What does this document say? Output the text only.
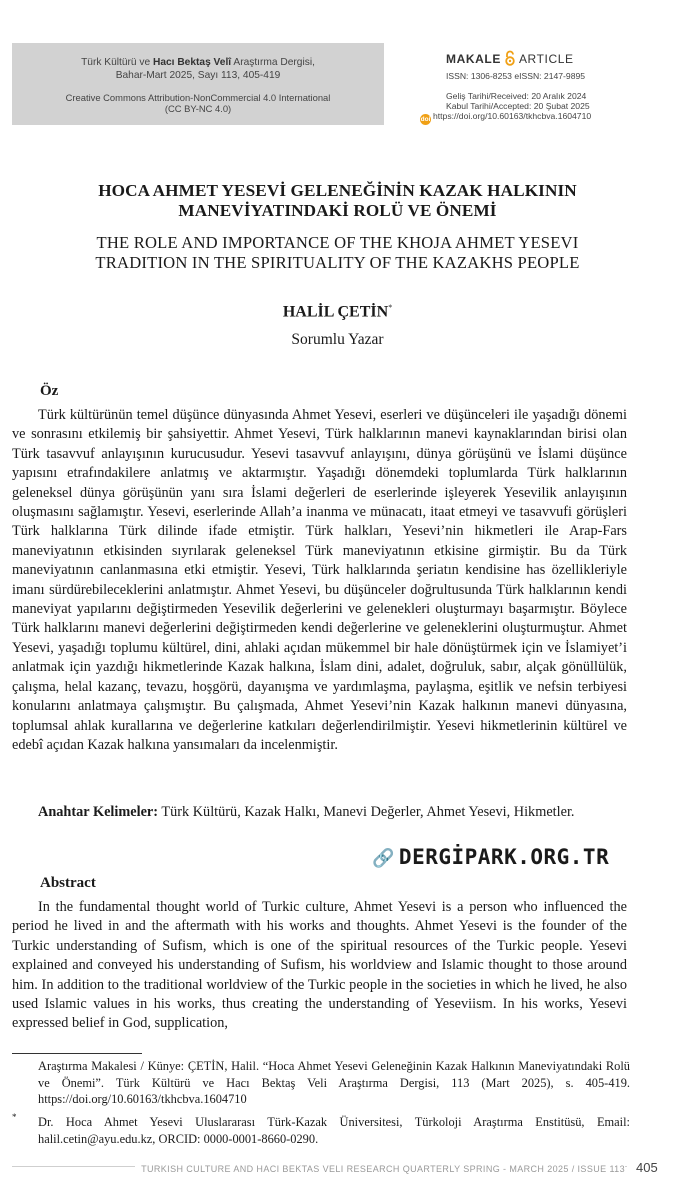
Türk Kültürü ve Hacı Bektaş Velî Araştırma Dergisi,
Bahar-Mart 2025, Sayı 113, 405-419
Creative Commons Attribution-NonCommercial 4.0 International
(CC BY-NC 4.0)
MAKALE ARTICLE
ISSN: 1306-8253 eISSN: 2147-9895
Geliş Tarihi/Received: 20 Aralık 2024
Kabul Tarihi/Accepted: 20 Şubat 2025
doi https://doi.org/10.60163/tkhcbva.1604710
HOCA AHMET YESEVİ GELENEĞİNİN KAZAK HALKININ
MANEVİYATINDAKİ ROLÜ VE ÖNEMİ
THE ROLE AND IMPORTANCE OF THE KHOJA AHMET YESEVI
TRADITION IN THE SPIRITUALITY OF THE KAZAKHS PEOPLE
HALİL ÇETİN*
Sorumlu Yazar
Öz
Türk kültürünün temel düşünce dünyasında Ahmet Yesevi, eserleri ve düşünceleri ile yaşadığı dönemi ve sonrasını etkilemiş bir şahsiyettir. Ahmet Yesevi, Türk halklarının manevi kaynaklarından birisi olan Türk tasavvuf anlayışının kurucusudur. Yesevi tasavvuf anlayışını, dünya görüşünü ve İslami düşünce yapısını etrafındakilere anlatmış ve aktarmıştır. Yaşadığı dönemdeki toplumlarda Türk halklarının geleneksel dünya görüşünün yanı sıra İslami değerleri de eserlerinde işleyerek Yesevilik anlayışının oluşmasını sağlamıştır. Yesevi, eserlerinde Allah’a inanma ve münacatı, itaat etmeyi ve tasavvufi görüşleri Türk halklarına Türk dilinde ifade etmiştir. Türk halkları, Yesevi’nin hikmetleri ile Arap-Fars maneviyatının etkisinden sıyrılarak geleneksel Türk maneviyatının etkisine girmiştir. Bu da Türk maneviyatının canlanmasına etki etmiştir. Yesevi, Türk halklarında şeriatın kendisine has özellikleriyle imanı sürdürebileceklerini anlatmıştır. Ahmet Yesevi, bu düşünceler doğrultusunda Türk halklarının kendi maneviyat yapılarını değiştirmeden Yesevilik değerlerini ve gelenekleri oluşturmayı başarmıştır. Böylece Türk halklarını manevi değerlerini değiştirmeden kendi değerlerine ve geleneklerini oluşturmuştur. Ahmet Yesevi, yaşadığı toplumu kültürel, dini, ahlaki açıdan mükemmel bir hale dönüştürmek için ve İslamiyet’i anlatmak için yazdığı hikmetlerinde Kazak halkına, İslam dini, adalet, doğruluk, sabır, alçak gönüllülük, çalışma, helal kazanç, tevazu, hoşgörü, dayanışma ve yardımlaşma, paylaşma, eşitlik ve nefsin terbiyesi konularını anlatmaya çalışmıştır. Bu çalışmada, Ahmet Yesevi’nin Kazak halkının manevi dünyasına, toplumsal ahlak kurallarına ve değerlerine katkıları değerlendirilmiştir. Yesevi hikmetlerinin kültürel ve edebî açıdan Kazak halkına yansımaları da incelenmiştir.
Anahtar Kelimeler: Türk Kültürü, Kazak Halkı, Manevi Değerler, Ahmet Yesevi, Hikmetler.
🔗 DERGİPARK.ORG.TR
Abstract
In the fundamental thought world of Turkic culture, Ahmet Yesevi is a person who influenced the period he lived in and the aftermath with his works and thoughts. Ahmet Yesevi is the founder of the Turkic understanding of Sufism, which is one of the spiritual resources of the Turkic people. Yesevi explained and conveyed his understanding of Sufism, his worldview and Islamic thought to those around him. In addition to the traditional worldview of the Turkic people in the societies in which he lived, he also used Islamic values in his works, thus creating the understanding of Yeseviism. In his works, Yesevi expressed belief in God, supplication,
Araştırma Makalesi / Künye: ÇETİN, Halil. “Hoca Ahmet Yesevi Geleneğinin Kazak Halkının Maneviyatındaki Rolü ve Önemi”. Türk Kültürü ve Hacı Bektaş Veli Araştırma Dergisi, 113 (Mart 2025), s. 405-419. https://doi.org/10.60163/tkhcbva.1604710
* Dr. Hoca Ahmet Yesevi Uluslararası Türk-Kazak Üniversitesi, Türkoloji Araştırma Enstitüsü, Email: halil.cetin@ayu.edu.kz, ORCID: 0000-0001-8660-0290.
TURKISH CULTURE AND HACI BEKTAS VELI RESEARCH QUARTERLY SPRING - MARCH 2025 / ISSUE 113 405
